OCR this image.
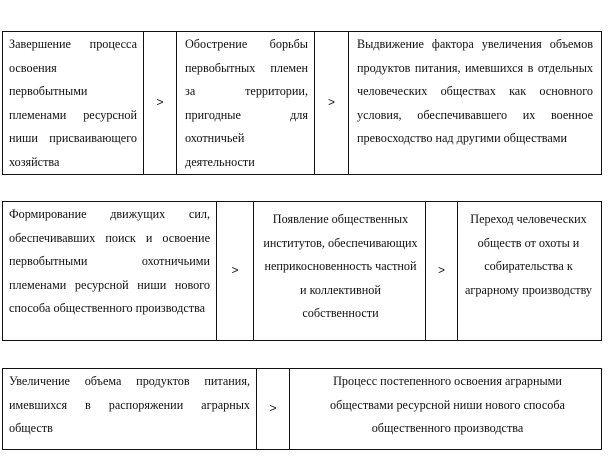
Завершение процесса освоения первобытными племенами ресурсной ниши присваивающего хозяйства
>
Обострение борьбы первобытных племен за территории, пригодные для охотничьей деятельности
>
Выдвижение фактора увеличения объемов продуктов питания, имевшихся в отдельных человеческих обществах как основного условия, обеспечивавшего их военное превосходство над другими обществами
Формирование движущих сил, обеспечивавших поиск и освоение первобытными охотничьими племенами ресурсной ниши нового способа общественного производства
>
Появление общественных институтов, обеспечивающих неприкосновенность частной и коллективной собственности
>
Переход человеческих обществ от охоты и собирательства к аграрному производству
Увеличение объема продуктов питания, имевшихся в распоряжении аграрных обществ
>
Процесс постепенного освоения аграрными обществами ресурсной ниши нового способа общественного производства
